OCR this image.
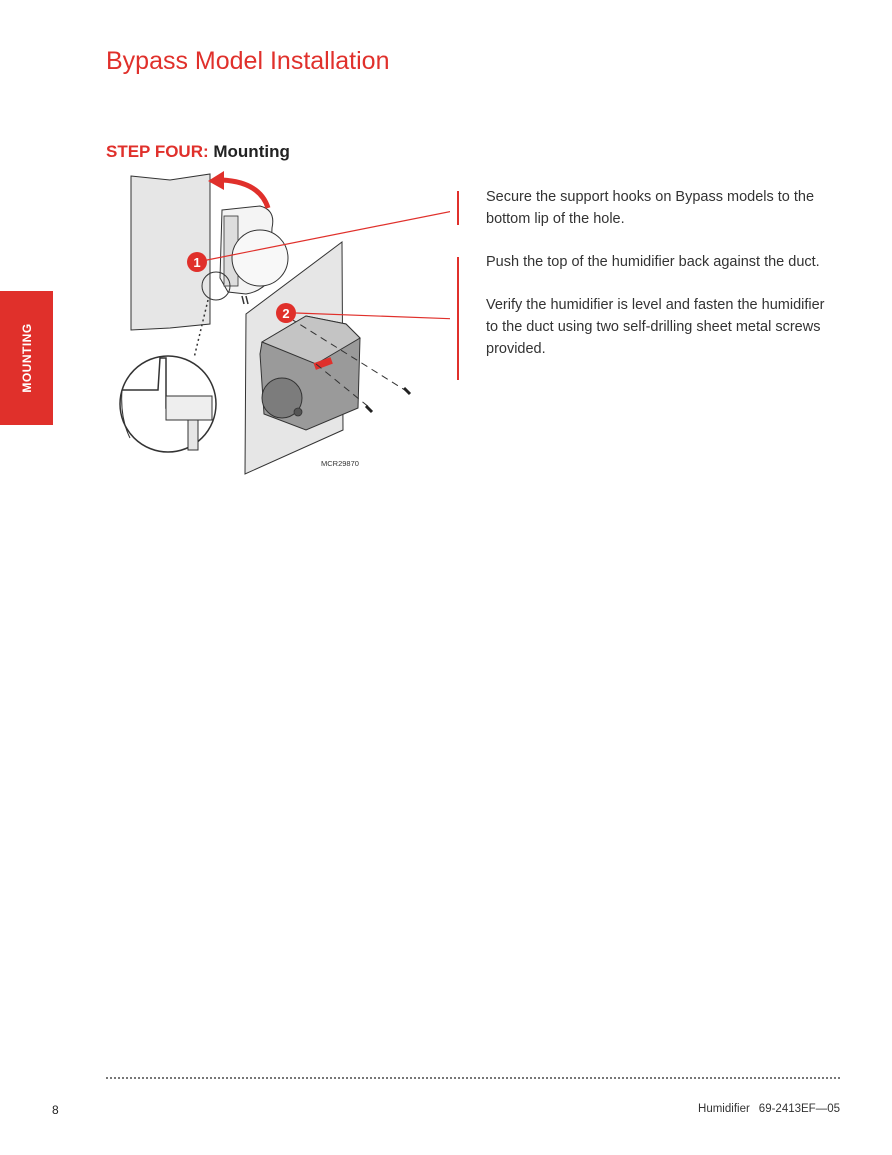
Bypass Model Installation
MOUNTING
STEP FOUR: Mounting
1
2
MCR29870

Secure the support hooks on Bypass models to the bottom lip of the hole.

Push the top of the humidifier back against the duct.

Verify the humidifier is level and fasten the humidifier to the duct using two self-drilling sheet metal screws provided.

8	Humidifier 69-2413EF—05
